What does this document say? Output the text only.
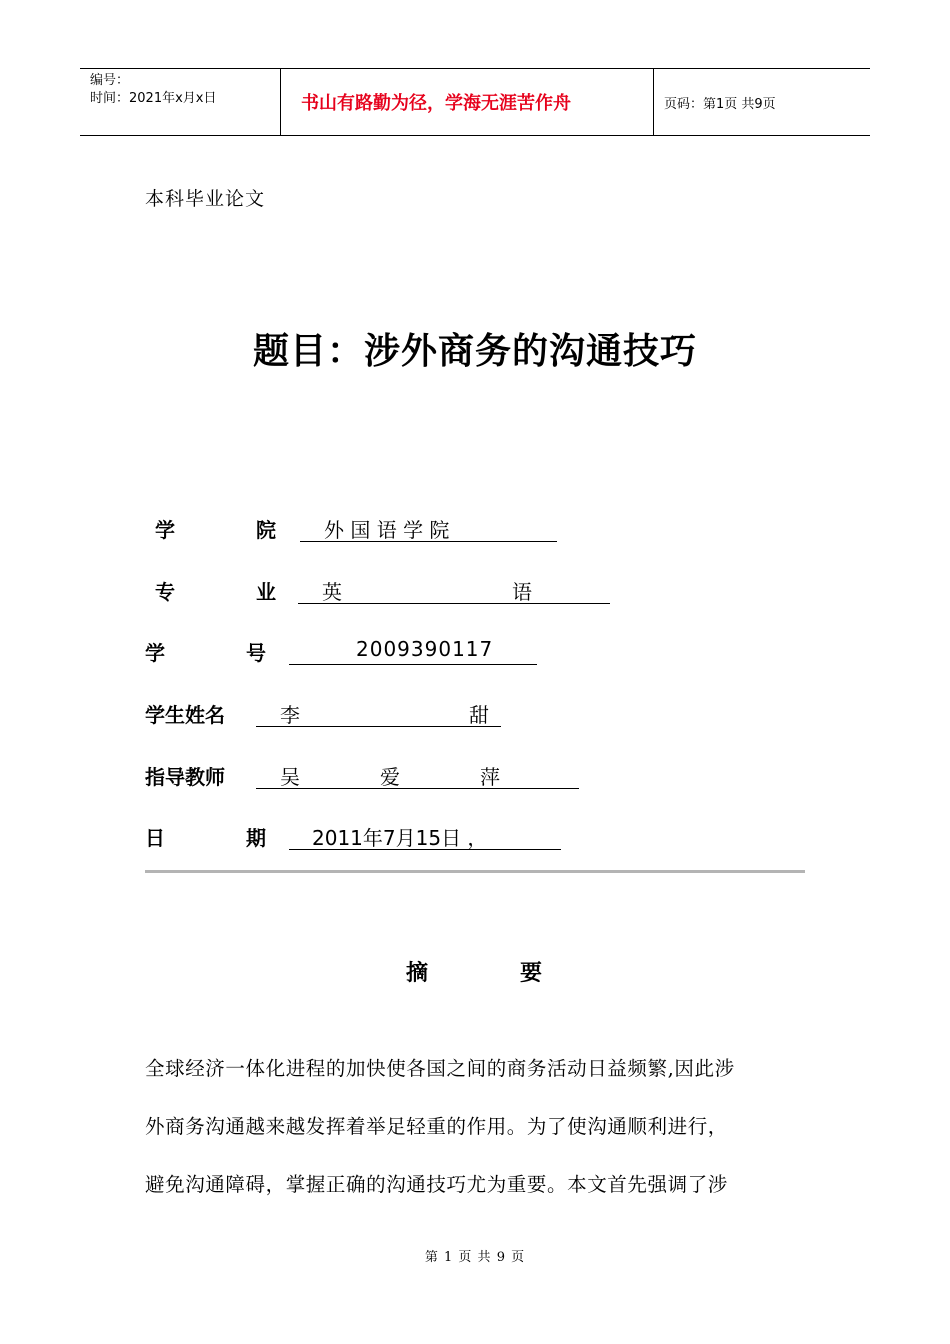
编号：
时间：2021年x月x日	书山有路勤为径，学海无涯苦作舟	页码：第1页 共9页
本科毕业论文
题目：涉外商务的沟通技巧
学	院	外 国 语 学 院
专	业 英	语
学	号	2009390117
学生姓名	李	甜
指导教师	吴	爱	萍
日	期	2011年7月15日 ，
摘	要
全球经济一体化进程的加快使各国之间的商务活动日益频繁,因此涉
外商务沟通越来越发挥着举足轻重的作用。为了使沟通顺利进行，
避免沟通障碍，掌握正确的沟通技巧尤为重要。本文首先强调了涉
第 1 页 共 9 页
